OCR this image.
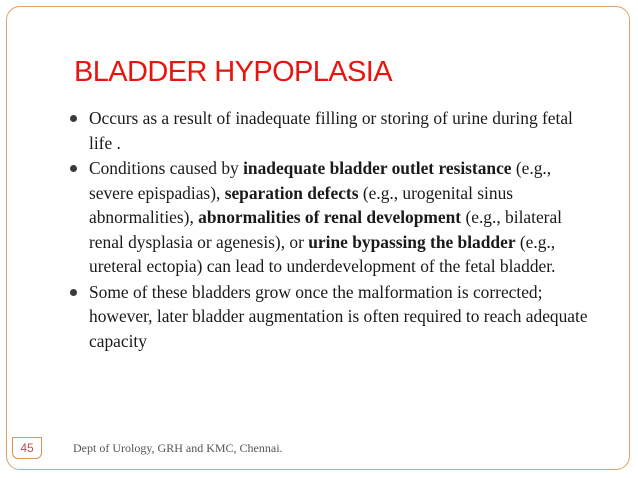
BLADDER HYPOPLASIA
Occurs as a result of inadequate filling or storing of urine during fetal life .
Conditions caused by inadequate bladder outlet resistance (e.g., severe epispadias), separation defects (e.g., urogenital sinus abnormalities), abnormalities of renal development (e.g., bilateral renal dysplasia or agenesis), or urine bypassing the bladder (e.g., ureteral ectopia) can lead to underdevelopment of the fetal bladder.
Some of these bladders grow once the malformation is corrected; however, later bladder augmentation is often required to reach adequate capacity
45	Dept of Urology, GRH and KMC, Chennai.
